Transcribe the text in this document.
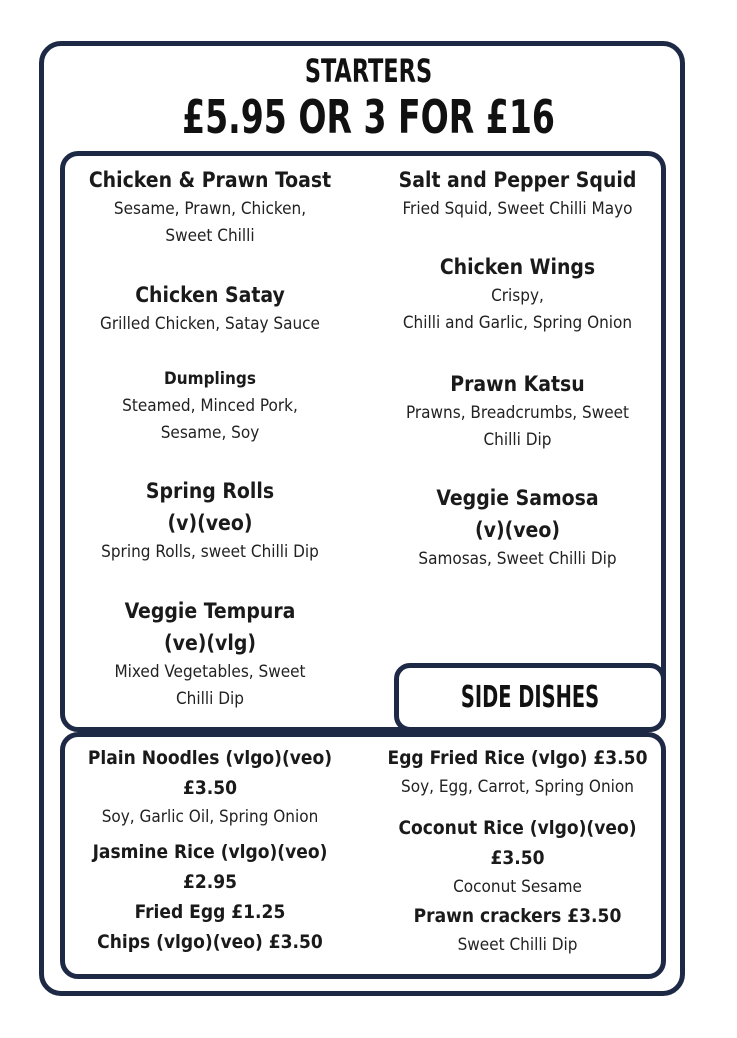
STARTERS
£5.95 OR 3 FOR £16
Chicken & Prawn Toast
Sesame, Prawn, Chicken,
Sweet Chilli
Chicken Satay
Grilled Chicken, Satay Sauce
Dumplings
Steamed, Minced Pork,
Sesame, Soy
Spring Rolls
(v)(veo)
Spring Rolls, sweet Chilli Dip
Veggie Tempura
(ve)(vlg)
Mixed Vegetables, Sweet
Chilli Dip
Salt and Pepper Squid
Fried Squid, Sweet Chilli Mayo
Chicken Wings
Crispy,
Chilli and Garlic, Spring Onion
Prawn Katsu
Prawns, Breadcrumbs, Sweet
Chilli Dip
Veggie Samosa
(v)(veo)
Samosas, Sweet Chilli Dip
SIDE DISHES
Plain Noodles (vlgo)(veo)
£3.50
Soy, Garlic Oil, Spring Onion
Jasmine Rice (vlgo)(veo)
£2.95
Fried Egg £1.25
Chips (vlgo)(veo) £3.50
Egg Fried Rice (vlgo) £3.50
Soy, Egg, Carrot, Spring Onion
Coconut Rice (vlgo)(veo)
£3.50
Coconut Sesame
Prawn crackers £3.50
Sweet Chilli Dip
